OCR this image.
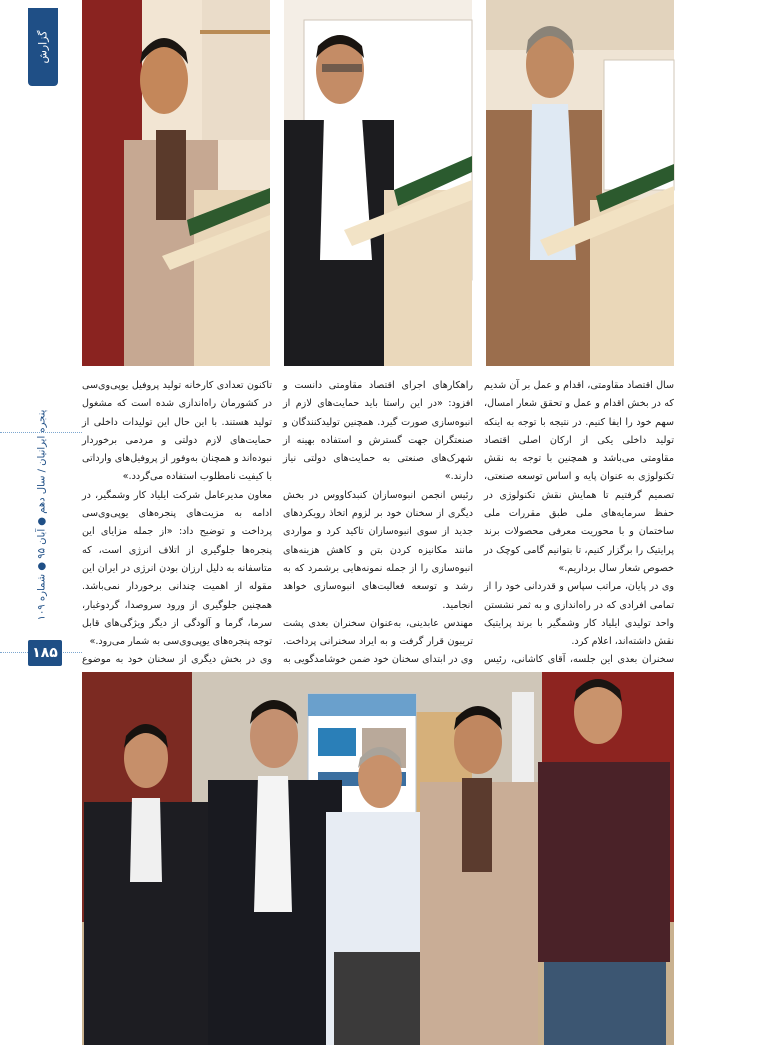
گزارش
پنجره ایرانیان / سال دهم ● آبان ۹۵ ● شماره ۱۰۹
۱۸۵

سال اقتصاد مقاومتی، اقدام و عمل بر آن شدیم که در بخش اقدام و عمل و تحقق شعار امسال، سهم خود را ایفا کنیم. در نتیجه با توجه به اینکه تولید داخلی یکی از ارکان اصلی اقتصاد مقاومتی می‌باشد و همچنین با توجه به نقش تکنولوژی به عنوان پایه و اساس توسعه صنعتی، تصمیم گرفتیم تا همایش نقش تکنولوژی در حفظ سرمایه‌های ملی طبق مقررات ملی ساختمان و با محوریت معرفی محصولات برند پرایتیک را برگزار کنیم، تا بتوانیم گامی کوچک در خصوص شعار سال برداریم.»

وی در پایان، مراتب سپاس و قدردانی خود را از تمامی افرادی که در راه‌اندازی و به ثمر نشستن واحد تولیدی ایلیاد کار وشمگیر با برند پرایتیک نقش داشته‌اند، اعلام کرد.

سخنران بعدی این جلسه، آقای کاشانی، رئیس

راهکارهای اجرای اقتصاد مقاومتی دانست و افزود: «در این راستا باید حمایت‌های لازم از انبوه‌سازی صورت گیرد. همچنین تولیدکنندگان و صنعتگران جهت گسترش و استفاده بهینه از شهرک‌های صنعتی به حمایت‌های دولتی نیاز دارند.»

رئیس انجمن انبوه‌سازان کنبدکاووس در بخش دیگری از سخنان خود بر لزوم اتخاذ رویکردهای جدید از سوی انبوه‌سازان تاکید کرد و مواردی مانند مکانیزه کردن بتن و کاهش هزینه‌های انبوه‌سازی را از جمله نمونه‌هایی برشمرد که به رشد و توسعه فعالیت‌های انبوه‌سازی خواهد انجامید.

مهندس عابدینی، به‌عنوان سخنران بعدی پشت تریبون قرار گرفت و به ایراد سخنرانی پرداخت. وی در ابتدای سخنان خود ضمن خوشامدگویی به

تاکنون تعدادی کارخانه تولید پروفیل یوپی‌وی‌سی در کشورمان راه‌اندازی شده است که مشغول تولید هستند. با این حال این تولیدات داخلی از حمایت‌های لازم دولتی و مردمی برخوردار نبوده‌اند و همچنان به‌وفور از پروفیل‌های وارداتی با کیفیت نامطلوب استفاده می‌گردد.»

معاون مدیرعامل شرکت ایلیاد کار وشمگیر، در ادامه به مزیت‌های پنجره‌های یوپی‌وی‌سی پرداخت و توضیح داد: «از جمله مزایای این پنجره‌ها جلوگیری از اتلاف انرژی است، که متاسفانه به دلیل ارزان بودن انرژی در ایران این مقوله از اهمیت چندانی برخوردار نمی‌باشد. همچنین جلوگیری از ورود سروصدا، گردوغبار، سرما، گرما و آلودگی از دیگر ویژگی‌های قابل توجه پنجره‌های یوپی‌وی‌سی به شمار می‌رود.»

وی در بخش دیگری از سخنان خود به موضوع
